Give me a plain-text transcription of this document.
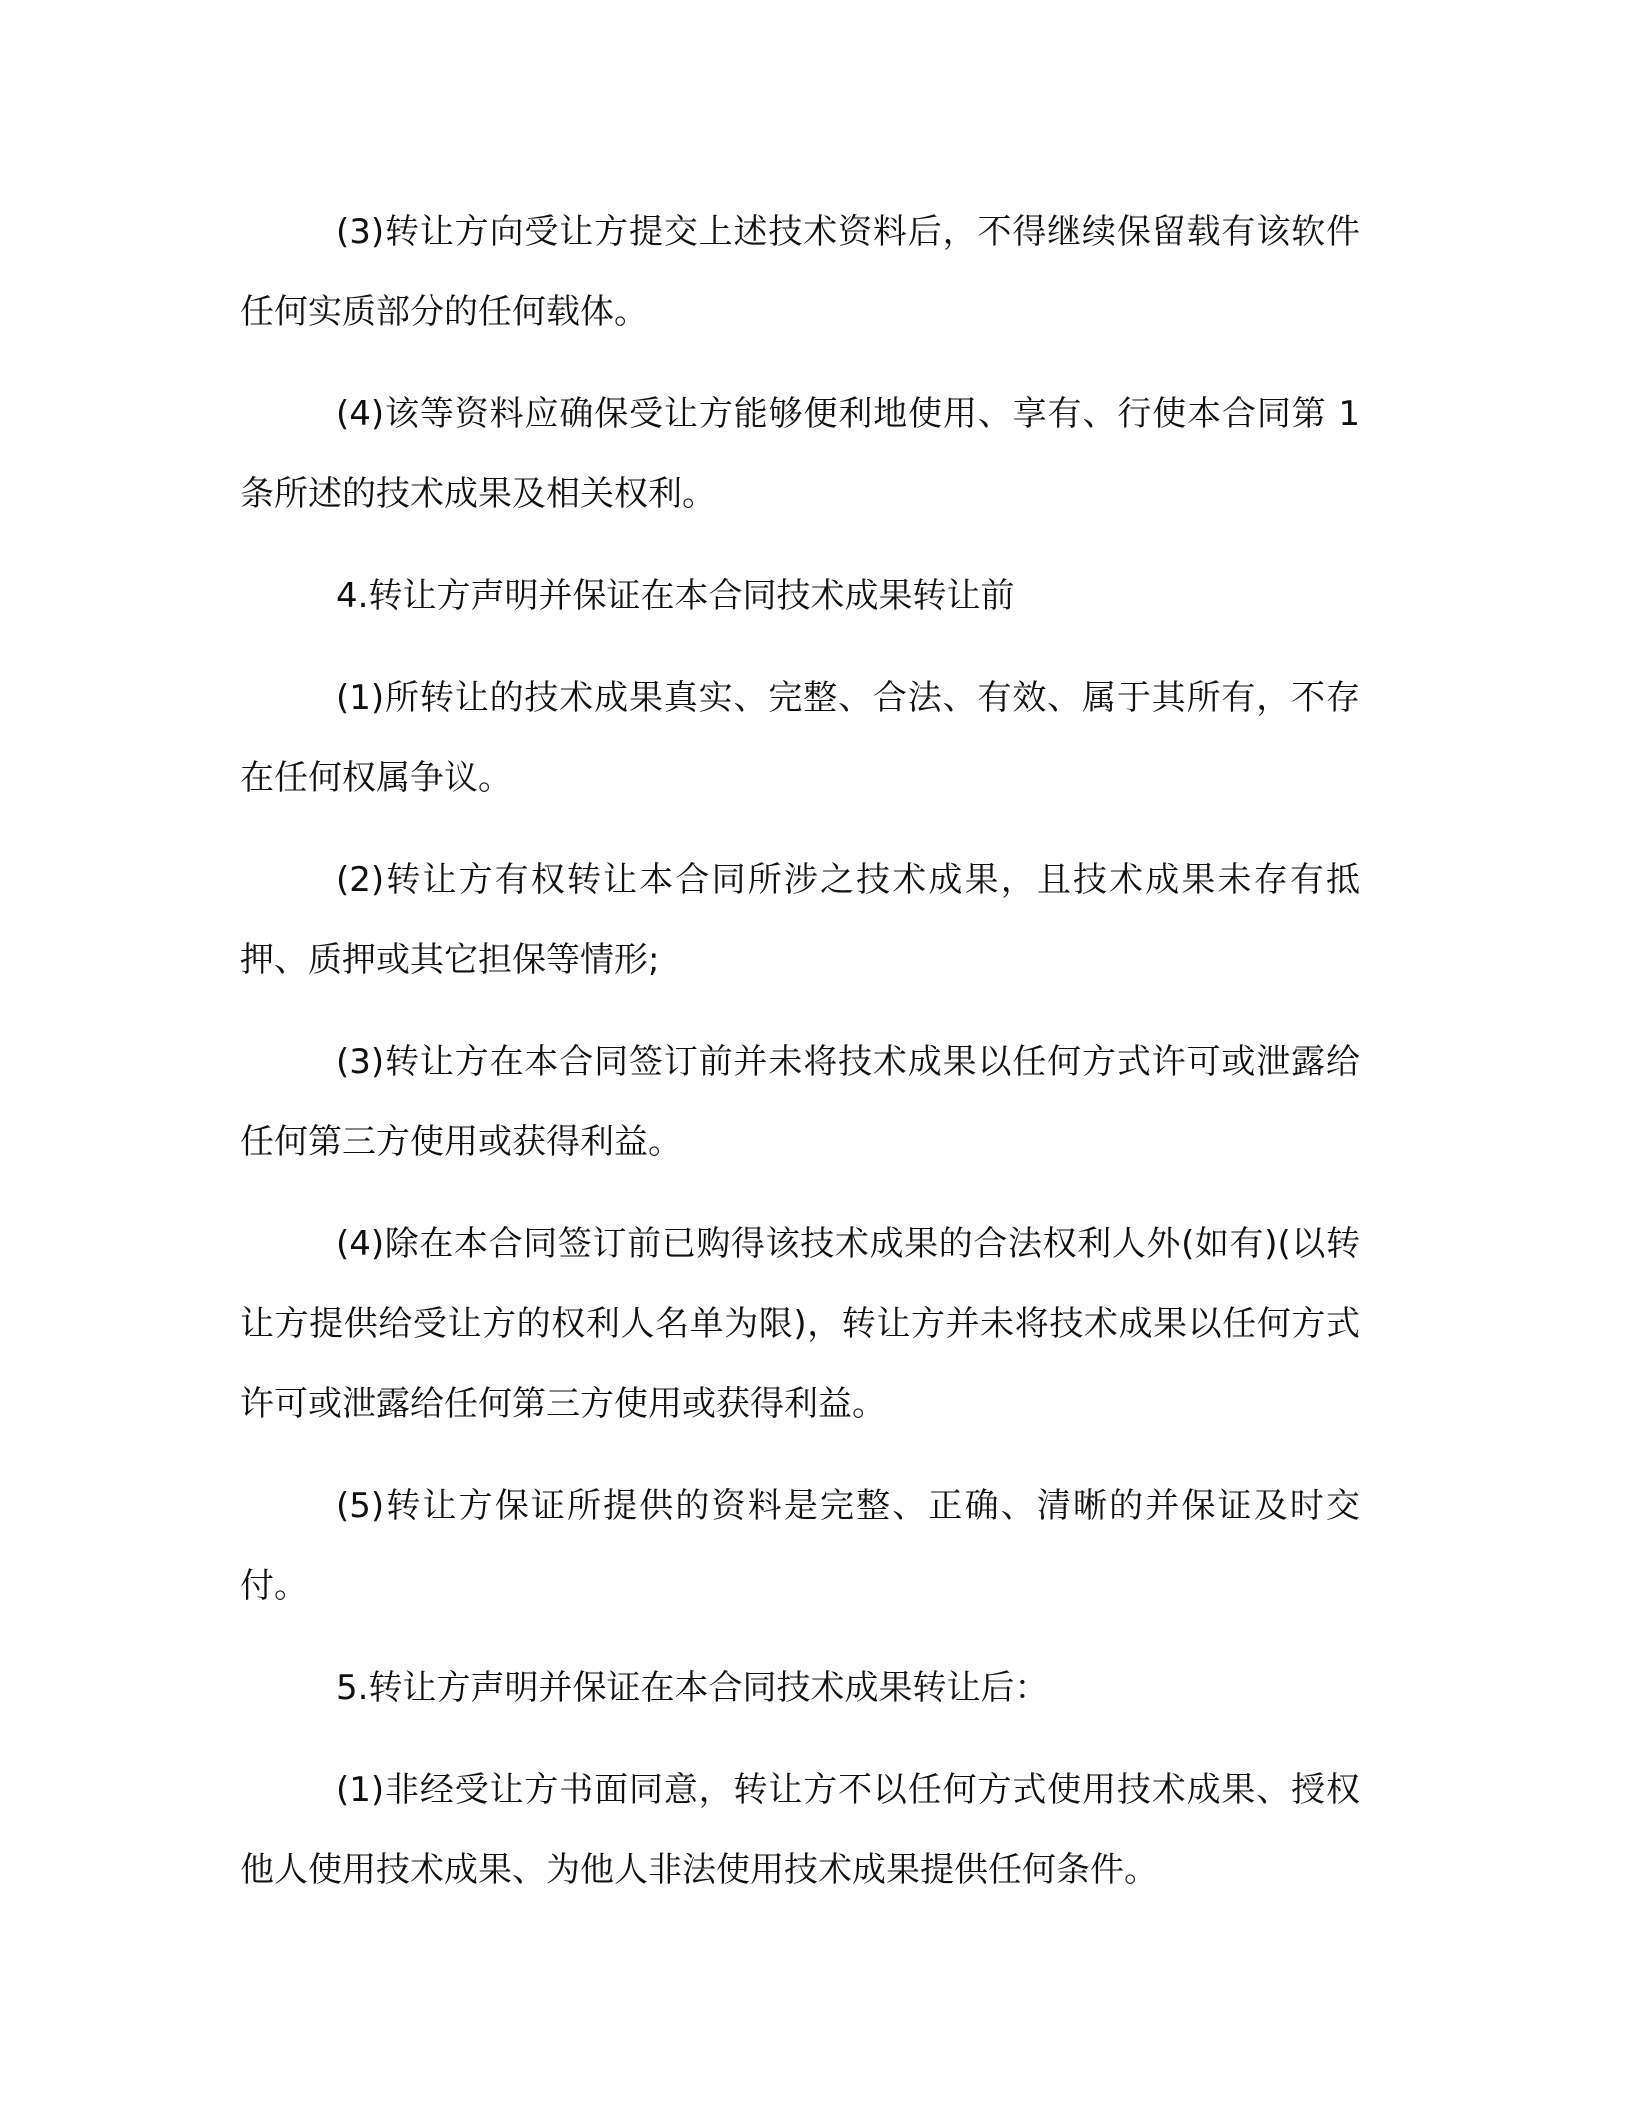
(3)转让方向受让方提交上述技术资料后，不得继续保留载有该软件任何实质部分的任何载体。

(4)该等资料应确保受让方能够便利地使用、享有、行使本合同第 1 条所述的技术成果及相关权利。

4.转让方声明并保证在本合同技术成果转让前

(1)所转让的技术成果真实、完整、合法、有效、属于其所有，不存在任何权属争议。

(2)转让方有权转让本合同所涉之技术成果，且技术成果未存有抵押、质押或其它担保等情形;

(3)转让方在本合同签订前并未将技术成果以任何方式许可或泄露给任何第三方使用或获得利益。

(4)除在本合同签订前已购得该技术成果的合法权利人外(如有)(以转让方提供给受让方的权利人名单为限)，转让方并未将技术成果以任何方式许可或泄露给任何第三方使用或获得利益。

(5)转让方保证所提供的资料是完整、正确、清晰的并保证及时交付。

5.转让方声明并保证在本合同技术成果转让后：

(1)非经受让方书面同意，转让方不以任何方式使用技术成果、授权他人使用技术成果、为他人非法使用技术成果提供任何条件。
